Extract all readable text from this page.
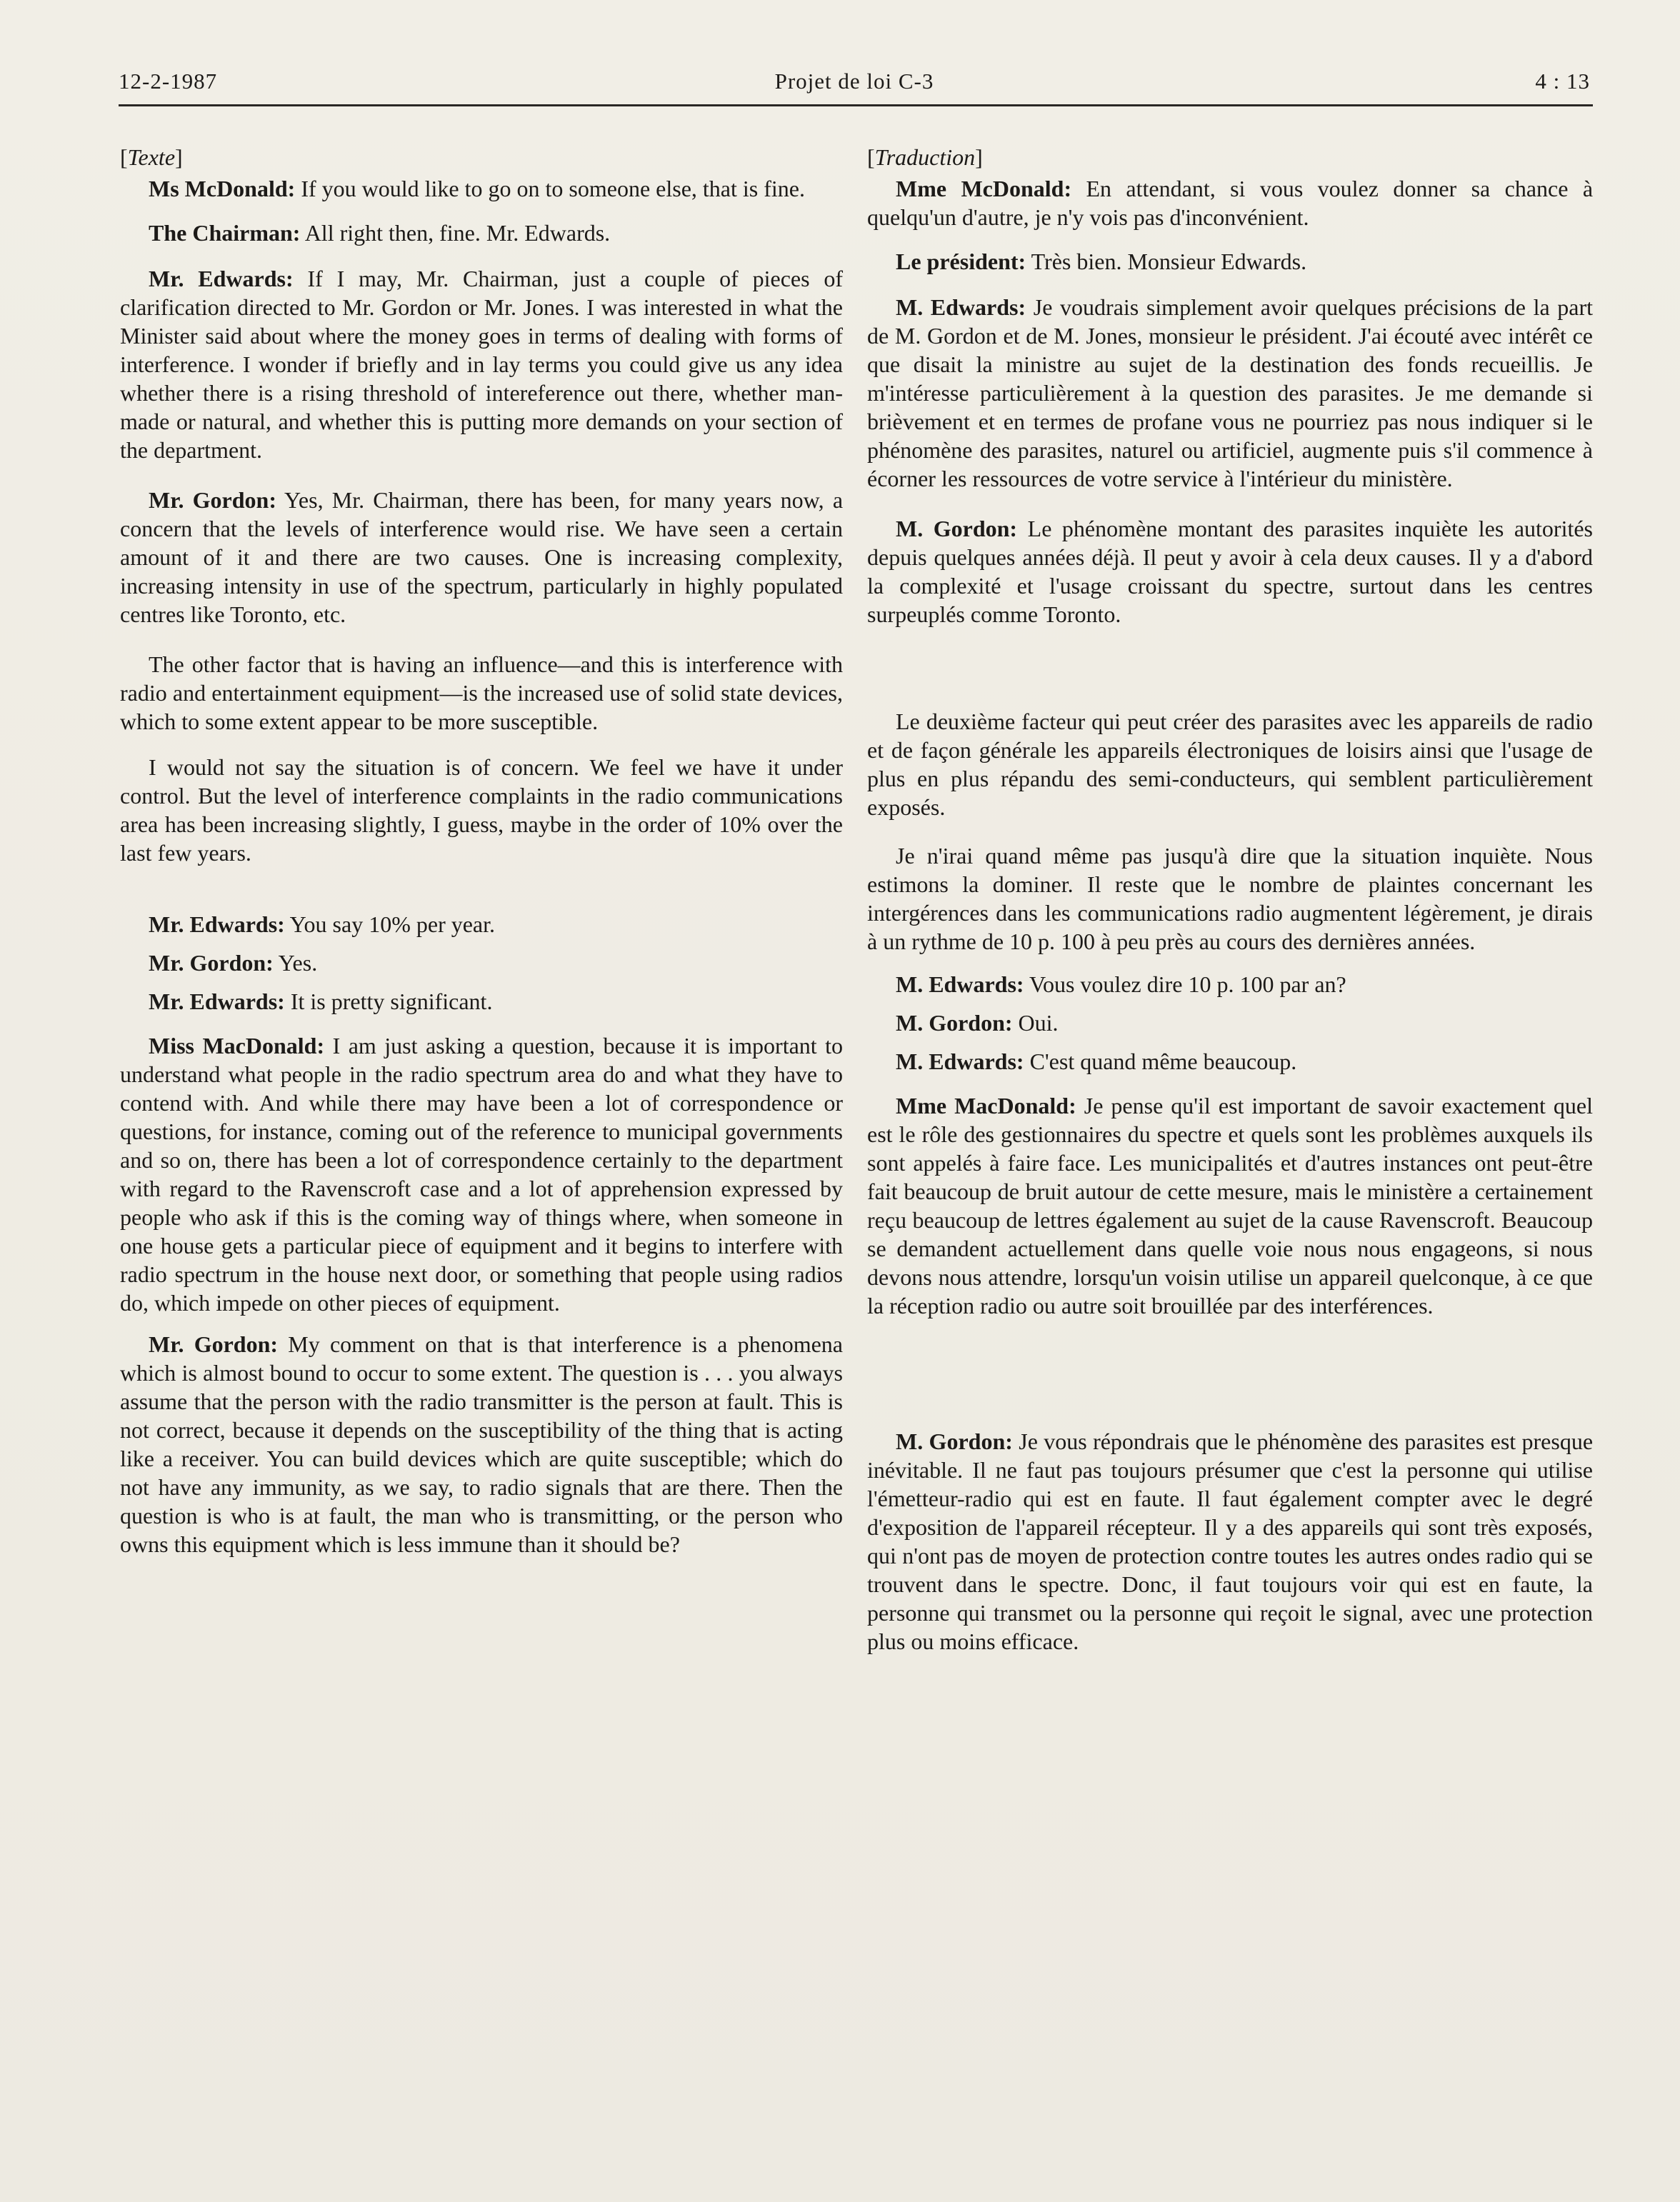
12-2-1987	Projet de loi C-3	4 : 13

[Texte]

Ms McDonald: If you would like to go on to someone else, that is fine.

The Chairman: All right then, fine. Mr. Edwards.

Mr. Edwards: If I may, Mr. Chairman, just a couple of pieces of clarification directed to Mr. Gordon or Mr. Jones. I was interested in what the Minister said about where the money goes in terms of dealing with forms of interference. I wonder if briefly and in lay terms you could give us any idea whether there is a rising threshold of intereference out there, whether man-made or natural, and whether this is putting more demands on your section of the department.

Mr. Gordon: Yes, Mr. Chairman, there has been, for many years now, a concern that the levels of interference would rise. We have seen a certain amount of it and there are two causes. One is increasing complexity, increasing intensity in use of the spectrum, particularly in highly populated centres like Toronto, etc.

The other factor that is having an influence—and this is interference with radio and entertainment equipment—is the increased use of solid state devices, which to some extent appear to be more susceptible.

I would not say the situation is of concern. We feel we have it under control. But the level of interference complaints in the radio communications area has been increasing slightly, I guess, maybe in the order of 10% over the last few years.

Mr. Edwards: You say 10% per year.

Mr. Gordon: Yes.

Mr. Edwards: It is pretty significant.

Miss MacDonald: I am just asking a question, because it is important to understand what people in the radio spectrum area do and what they have to contend with. And while there may have been a lot of correspondence or questions, for instance, coming out of the reference to municipal governments and so on, there has been a lot of correspondence certainly to the department with regard to the Ravenscroft case and a lot of apprehension expressed by people who ask if this is the coming way of things where, when someone in one house gets a particular piece of equipment and it begins to interfere with radio spectrum in the house next door, or something that people using radios do, which impede on other pieces of equipment.

Mr. Gordon: My comment on that is that interference is a phenomena which is almost bound to occur to some extent. The question is . . . you always assume that the person with the radio transmitter is the person at fault. This is not correct, because it depends on the susceptibility of the thing that is acting like a receiver. You can build devices which are quite susceptible; which do not have any immunity, as we say, to radio signals that are there. Then the question is who is at fault, the man who is transmitting, or the person who owns this equipment which is less immune than it should be?

[Traduction]

Mme McDonald: En attendant, si vous voulez donner sa chance à quelqu'un d'autre, je n'y vois pas d'inconvénient.

Le président: Très bien. Monsieur Edwards.

M. Edwards: Je voudrais simplement avoir quelques précisions de la part de M. Gordon et de M. Jones, monsieur le président. J'ai écouté avec intérêt ce que disait la ministre au sujet de la destination des fonds recueillis. Je m'intéresse particulièrement à la question des parasites. Je me demande si brièvement et en termes de profane vous ne pourriez pas nous indiquer si le phénomène des parasites, naturel ou artificiel, augmente puis s'il commence à écorner les ressources de votre service à l'intérieur du ministère.

M. Gordon: Le phénomène montant des parasites inquiète les autorités depuis quelques années déjà. Il peut y avoir à cela deux causes. Il y a d'abord la complexité et l'usage croissant du spectre, surtout dans les centres surpeuplés comme Toronto.

Le deuxième facteur qui peut créer des parasites avec les appareils de radio et de façon générale les appareils électroniques de loisirs ainsi que l'usage de plus en plus répandu des semi-conducteurs, qui semblent particulièrement exposés.

Je n'irai quand même pas jusqu'à dire que la situation inquiète. Nous estimons la dominer. Il reste que le nombre de plaintes concernant les intergérences dans les communications radio augmentent légèrement, je dirais à un rythme de 10 p. 100 à peu près au cours des dernières années.

M. Edwards: Vous voulez dire 10 p. 100 par an?

M. Gordon: Oui.

M. Edwards: C'est quand même beaucoup.

Mme MacDonald: Je pense qu'il est important de savoir exactement quel est le rôle des gestionnaires du spectre et quels sont les problèmes auxquels ils sont appelés à faire face. Les municipalités et d'autres instances ont peut-être fait beaucoup de bruit autour de cette mesure, mais le ministère a certainement reçu beaucoup de lettres également au sujet de la cause Ravenscroft. Beaucoup se demandent actuellement dans quelle voie nous nous engageons, si nous devons nous attendre, lorsqu'un voisin utilise un appareil quelconque, à ce que la réception radio ou autre soit brouillée par des interférences.

M. Gordon: Je vous répondrais que le phénomène des parasites est presque inévitable. Il ne faut pas toujours présumer que c'est la personne qui utilise l'émetteur-radio qui est en faute. Il faut également compter avec le degré d'exposition de l'appareil récepteur. Il y a des appareils qui sont très exposés, qui n'ont pas de moyen de protection contre toutes les autres ondes radio qui se trouvent dans le spectre. Donc, il faut toujours voir qui est en faute, la personne qui transmet ou la personne qui reçoit le signal, avec une protection plus ou moins efficace.
